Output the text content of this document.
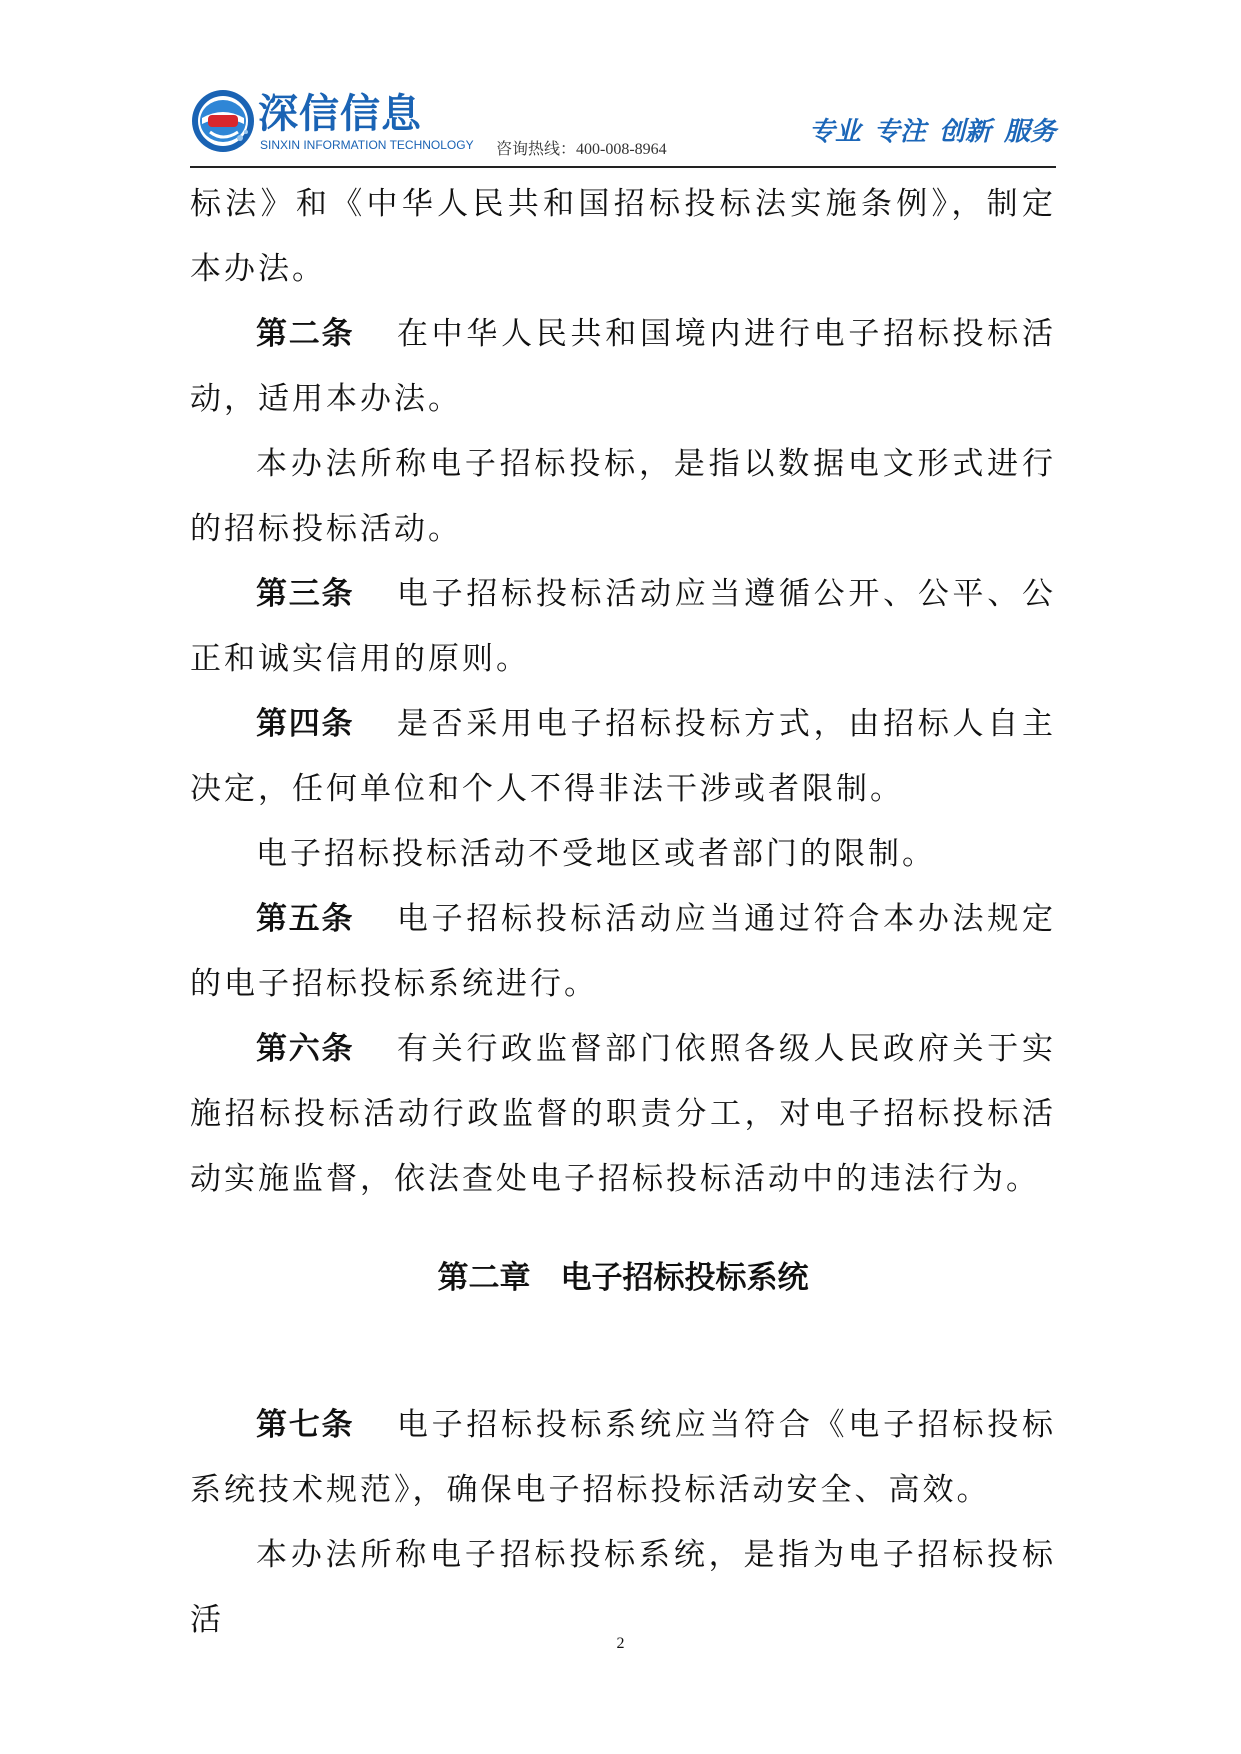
深信信息
SINXIN INFORMATION TECHNOLOGY 咨询热线：400-008-8964
专业 专注 创新 服务

标法》和《中华人民共和国招标投标法实施条例》，制定本办法。

第二条 在中华人民共和国境内进行电子招标投标活动，适用本办法。

本办法所称电子招标投标，是指以数据电文形式进行的招标投标活动。

第三条 电子招标投标活动应当遵循公开、公平、公正和诚实信用的原则。

第四条 是否采用电子招标投标方式，由招标人自主决定，任何单位和个人不得非法干涉或者限制。

电子招标投标活动不受地区或者部门的限制。

第五条 电子招标投标活动应当通过符合本办法规定的电子招标投标系统进行。

第六条 有关行政监督部门依照各级人民政府关于实施招标投标活动行政监督的职责分工，对电子招标投标活动实施监督，依法查处电子招标投标活动中的违法行为。

第二章 电子招标投标系统

第七条 电子招标投标系统应当符合《电子招标投标系统技术规范》，确保电子招标投标活动安全、高效。

本办法所称电子招标投标系统，是指为电子招标投标活

2
